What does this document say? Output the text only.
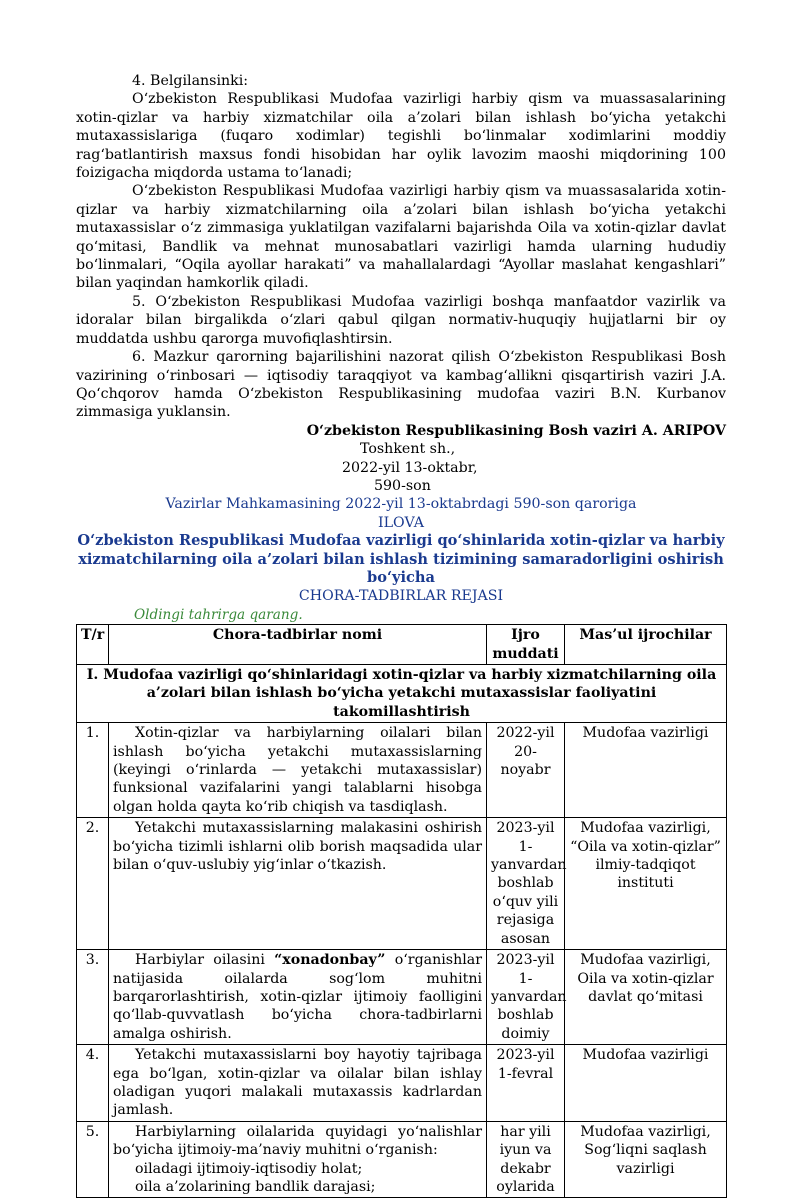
4. Belgilansinki:

O‘zbekiston Respublikasi Mudofaa vazirligi harbiy qism va muassasalarining xotin-qizlar va harbiy xizmatchilar oila a’zolari bilan ishlash bo‘yicha yetakchi mutaxassislariga (fuqaro xodimlar) tegishli bo‘linmalar xodimlarini moddiy rag‘batlantirish maxsus fondi hisobidan har oylik lavozim maoshi miqdorining 100 foizigacha miqdorda ustama to‘lanadi;

O‘zbekiston Respublikasi Mudofaa vazirligi harbiy qism va muassasalarida xotin-qizlar va harbiy xizmatchilarning oila a’zolari bilan ishlash bo‘yicha yetakchi mutaxassislar o‘z zimmasiga yuklatilgan vazifalarni bajarishda Oila va xotin-qizlar davlat qo‘mitasi, Bandlik va mehnat munosabatlari vazirligi hamda ularning hududiy bo‘linmalari, “Oqila ayollar harakati” va mahallalardagi “Ayollar maslahat kengashlari” bilan yaqindan hamkorlik qiladi.

5. O‘zbekiston Respublikasi Mudofaa vazirligi boshqa manfaatdor vazirlik va idoralar bilan birgalikda o‘zlari qabul qilgan normativ-huquqiy hujjatlarni bir oy muddatda ushbu qarorga muvofiqlashtirsin.

6. Mazkur qarorning bajarilishini nazorat qilish O‘zbekiston Respublikasi Bosh vazirining o‘rinbosari — iqtisodiy taraqqiyot va kambag‘allikni qisqartirish vaziri J.A. Qo‘chqorov hamda O‘zbekiston Respublikasining mudofaa vaziri B.N. Kurbanov zimmasiga yuklansin.

O‘zbekiston Respublikasining Bosh vaziri A. ARIPOV

Toshkent sh.,

2022-yil 13-oktabr,

590-son

Vazirlar Mahkamasining 2022-yil 13-oktabrdagi 590-son qaroriga

ILOVA

O‘zbekiston Respublikasi Mudofaa vazirligi qo‘shinlarida xotin-qizlar va harbiy xizmatchilarning oila a’zolari bilan ishlash tizimining samaradorligini oshirish bo‘yicha

CHORA-TADBIRLAR REJASI

Oldingi tahrirga qarang.

T/r	Chora-tadbirlar nomi	Ijro muddati	Mas’ul ijrochilar
I. Mudofaa vazirligi qo‘shinlaridagi xotin-qizlar va harbiy xizmatchilarning oila a’zolari bilan ishlash bo‘yicha yetakchi mutaxassislar faoliyatini takomillashtirish			
1.	Xotin-qizlar va harbiylarning oilalari bilan ishlash bo‘yicha yetakchi mutaxassislarning (keyingi o‘rinlarda — yetakchi mutaxassislar) funksional vazifalarini yangi talablarni hisobga olgan holda qayta ko‘rib chiqish va tasdiqlash.	2022-yil 20-noyabr	Mudofaa vazirligi
2.	Yetakchi mutaxassislarning malakasini oshirish bo‘yicha tizimli ishlarni olib borish maqsadida ular bilan o‘quv-uslubiy yig‘inlar o‘tkazish.	2023-yil 1-yanvardan boshlab o‘quv yili rejasiga asosan	Mudofaa vazirligi, “Oila va xotin-qizlar” ilmiy-tadqiqot instituti
3.	Harbiylar oilasini “xonadonbay” o‘rganishlar natijasida oilalarda sog‘lom muhitni barqarorlashtirish, xotin-qizlar ijtimoiy faolligini qo‘llab-quvvatlash bo‘yicha chora-tadbirlarni amalga oshirish.	2023-yil 1-yanvardan boshlab doimiy	Mudofaa vazirligi, Oila va xotin-qizlar davlat qo‘mitasi
4.	Yetakchi mutaxassislarni boy hayotiy tajribaga ega bo‘lgan, xotin-qizlar va oilalar bilan ishlay oladigan yuqori malakali mutaxassis kadrlardan jamlash.	2023-yil 1-fevral	Mudofaa vazirligi
5.	Harbiylarning oilalarida quyidagi yo‘nalishlar bo‘yicha ijtimoiy-ma’naviy muhitni o‘rganish:
oiladagi ijtimoiy-iqtisodiy holat;
oila a’zolarining bandlik darajasi;	har yili iyun va dekabr oylarida	Mudofaa vazirligi, Sog‘liqni saqlash vazirligi
